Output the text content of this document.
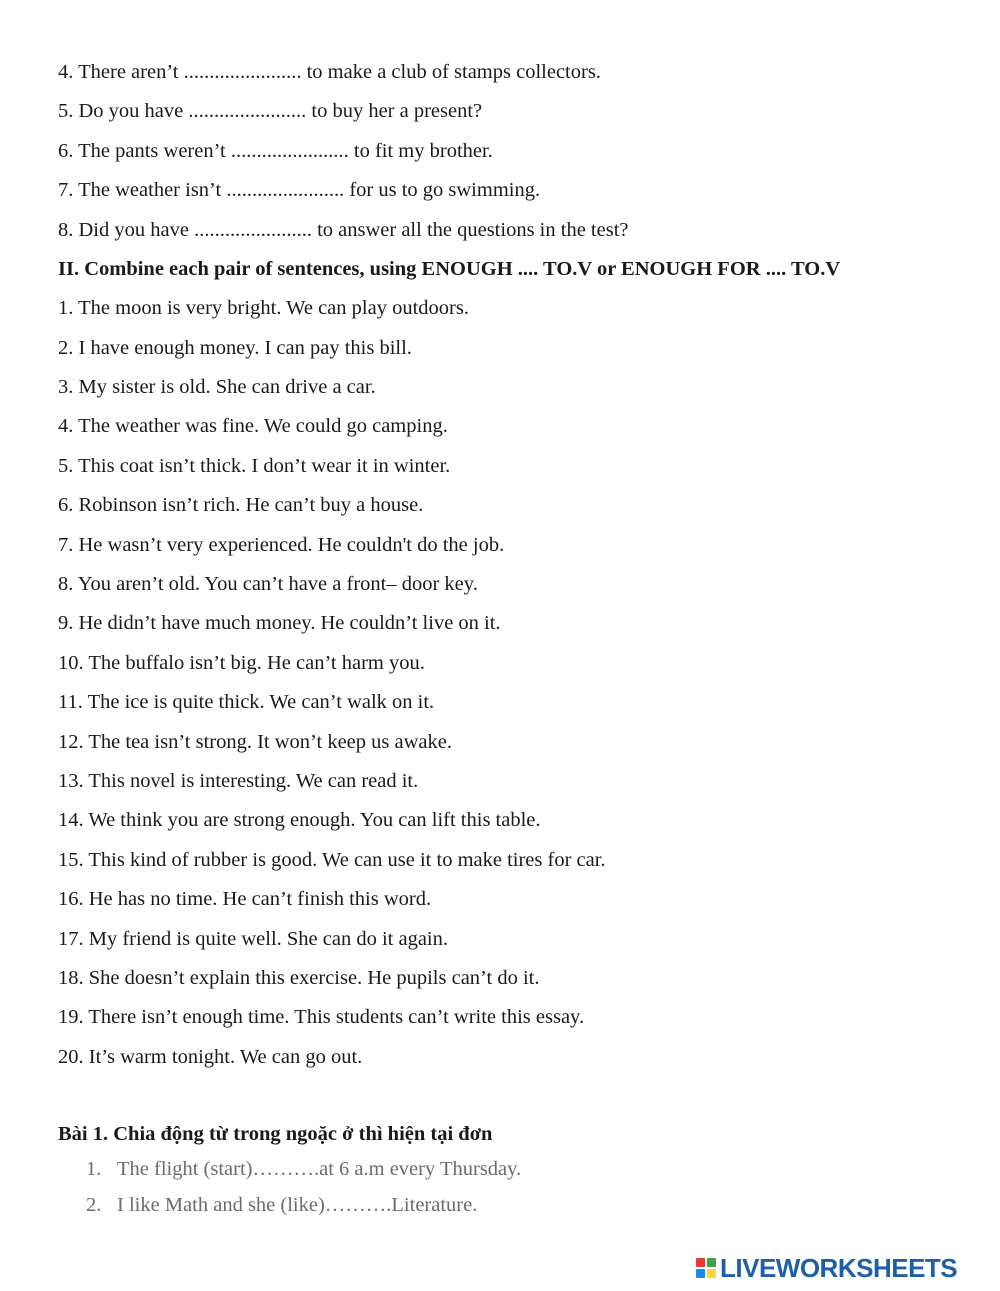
4. There aren’t ....................... to make a club of stamps collectors.
5. Do you have ....................... to buy her a present?
6. The pants weren’t ....................... to fit my brother.
7. The weather isn’t ....................... for us to go swimming.
8. Did you have ....................... to answer all the questions in the test?
II. Combine each pair of sentences, using ENOUGH .... TO.V or ENOUGH FOR .... TO.V
1. The moon is very bright. We can play outdoors.
2. I have enough money. I can pay this bill.
3. My sister is old. She can drive a car.
4. The weather was fine. We could go camping.
5. This coat isn’t thick. I don’t wear it in winter.
6. Robinson isn’t rich. He can’t buy a house.
7. He wasn’t very experienced. He couldn't do the job.
8. You aren’t old. You can’t have a front– door key.
9. He didn’t have much money. He couldn’t live on it.
10. The buffalo isn’t big. He can’t harm you.
11. The ice is quite thick. We can’t walk on it.
12. The tea isn’t strong. It won’t keep us awake.
13. This novel is interesting. We can read it.
14. We think you are strong enough. You can lift this table.
15. This kind of rubber is good. We can use it to make tires for car.
16. He has no time. He can’t finish this word.
17. My friend is quite well. She can do it again.
18. She doesn’t explain this exercise. He pupils can’t do it.
19. There isn’t enough time. This students can’t write this essay.
20. It’s warm tonight. We can go out.
Bài 1. Chia động từ trong ngoặc ở thì hiện tại đơn
1. The flight (start)……….at 6 a.m every Thursday.
2. I like Math and she (like)……….Literature.
LIVEWORKSHEETS
